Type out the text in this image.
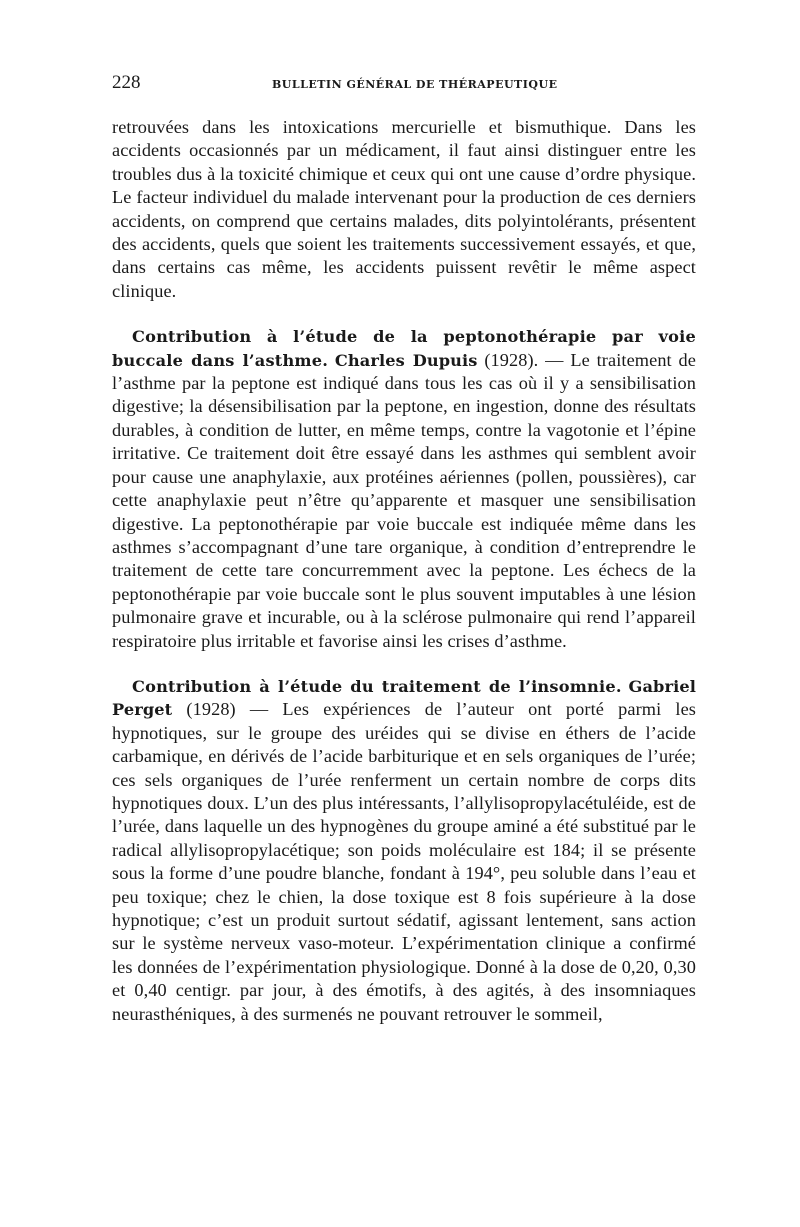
228	BULLETIN GÉNÉRAL DE THÉRAPEUTIQUE

retrouvées dans les intoxications mercurielle et bismuthique. Dans les accidents occasionnés par un médicament, il faut ainsi distinguer entre les troubles dus à la toxicité chimique et ceux qui ont une cause d’ordre physique. Le facteur individuel du malade intervenant pour la production de ces derniers accidents, on comprend que certains malades, dits polyintolérants, présentent des accidents, quels que soient les traitements successivement essayés, et que, dans certains cas même, les accidents puissent revêtir le même aspect clinique.

Contribution à l’étude de la peptonothérapie par voie buccale dans l’asthme. Charles Dupuis (1928). — Le traitement de l’asthme par la peptone est indiqué dans tous les cas où il y a sensibilisation digestive; la désensibilisation par la peptone, en ingestion, donne des résultats durables, à condition de lutter, en même temps, contre la vagotonie et l’épine irritative. Ce traitement doit être essayé dans les asthmes qui semblent avoir pour cause une anaphylaxie, aux protéines aériennes (pollen, poussières), car cette anaphylaxie peut n’être qu’apparente et masquer une sensibilisation digestive. La peptonothérapie par voie buccale est indiquée même dans les asthmes s’accompagnant d’une tare organique, à condition d’entreprendre le traitement de cette tare concurremment avec la peptone. Les échecs de la peptonothérapie par voie buccale sont le plus souvent imputables à une lésion pulmonaire grave et incurable, ou à la sclérose pulmonaire qui rend l’appareil respiratoire plus irritable et favorise ainsi les crises d’asthme.

Contribution à l’étude du traitement de l’insomnie. Gabriel Perget (1928) — Les expériences de l’auteur ont porté parmi les hypnotiques, sur le groupe des uréides qui se divise en éthers de l’acide carbamique, en dérivés de l’acide barbiturique et en sels organiques de l’urée; ces sels organiques de l’urée renferment un certain nombre de corps dits hypnotiques doux. L’un des plus intéressants, l’allylisopropylacétuléide, est de l’urée, dans laquelle un des hypnogènes du groupe aminé a été substitué par le radical allylisopropylacétique; son poids moléculaire est 184; il se présente sous la forme d’une poudre blanche, fondant à 194°, peu soluble dans l’eau et peu toxique; chez le chien, la dose toxique est 8 fois supérieure à la dose hypnotique; c’est un produit surtout sédatif, agissant lentement, sans action sur le système nerveux vaso-moteur. L’expérimentation clinique a confirmé les données de l’expérimentation physiologique. Donné à la dose de 0,20, 0,30 et 0,40 centigr. par jour, à des émotifs, à des agités, à des insomniaques neurasthéniques, à des surmenés ne pouvant retrouver le sommeil,
